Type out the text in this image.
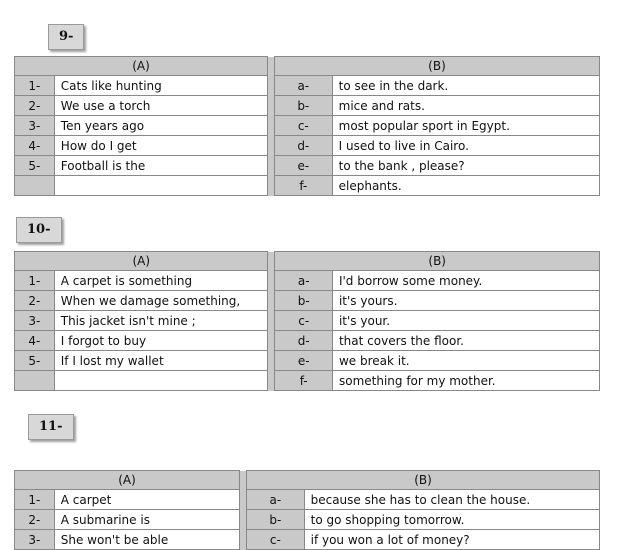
9-
(A)			(B)	
1-	Cats like hunting		a-	to see in the dark.
2-	We use a torch		b-	mice and rats.
3-	Ten years ago		c-	most popular sport in Egypt.
4-	How do I get		d-	I used to live in Cairo.
5-	Football is the		e-	to the bank , please?
			f-	elephants.
10-
(A)			(B)	
1-	A carpet is something		a-	I'd borrow some money.
2-	When we damage something,		b-	it's yours.
3-	This jacket isn't mine ;		c-	it's your.
4-	I forgot to buy		d-	that covers the floor.
5-	If I lost my wallet		e-	we break it.
			f-	something for my mother.
11-
(A)			(B)	
1-	A carpet		a-	because she has to clean the house.
2-	A submarine is		b-	to go shopping tomorrow.
3-	She won't be able		c-	if you won a lot of money?
